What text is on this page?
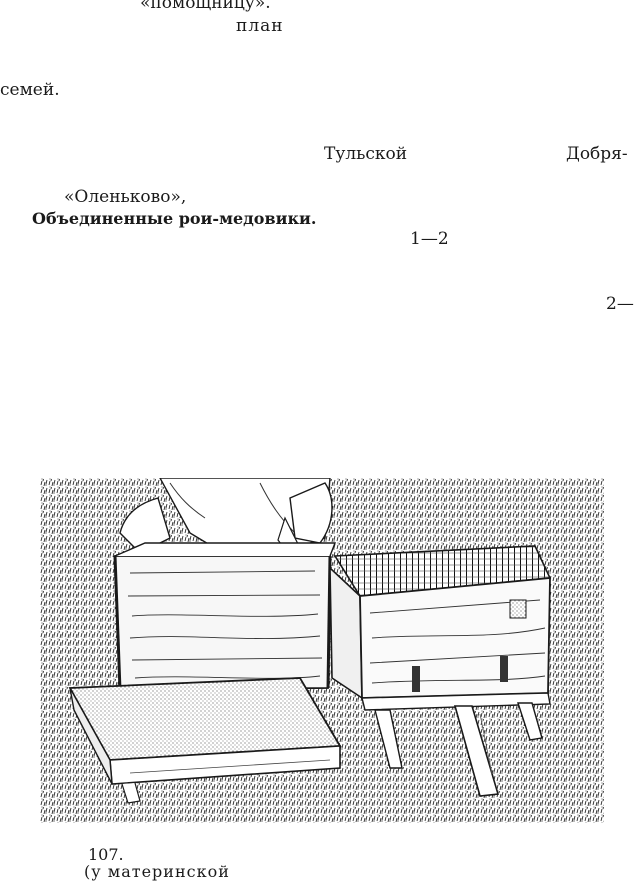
«помощницу».
план
семей.
Тульской	Добря-
«Оленьково»,
Объединенные рои-медовики.
1—2
2—
107.
(у материнской
